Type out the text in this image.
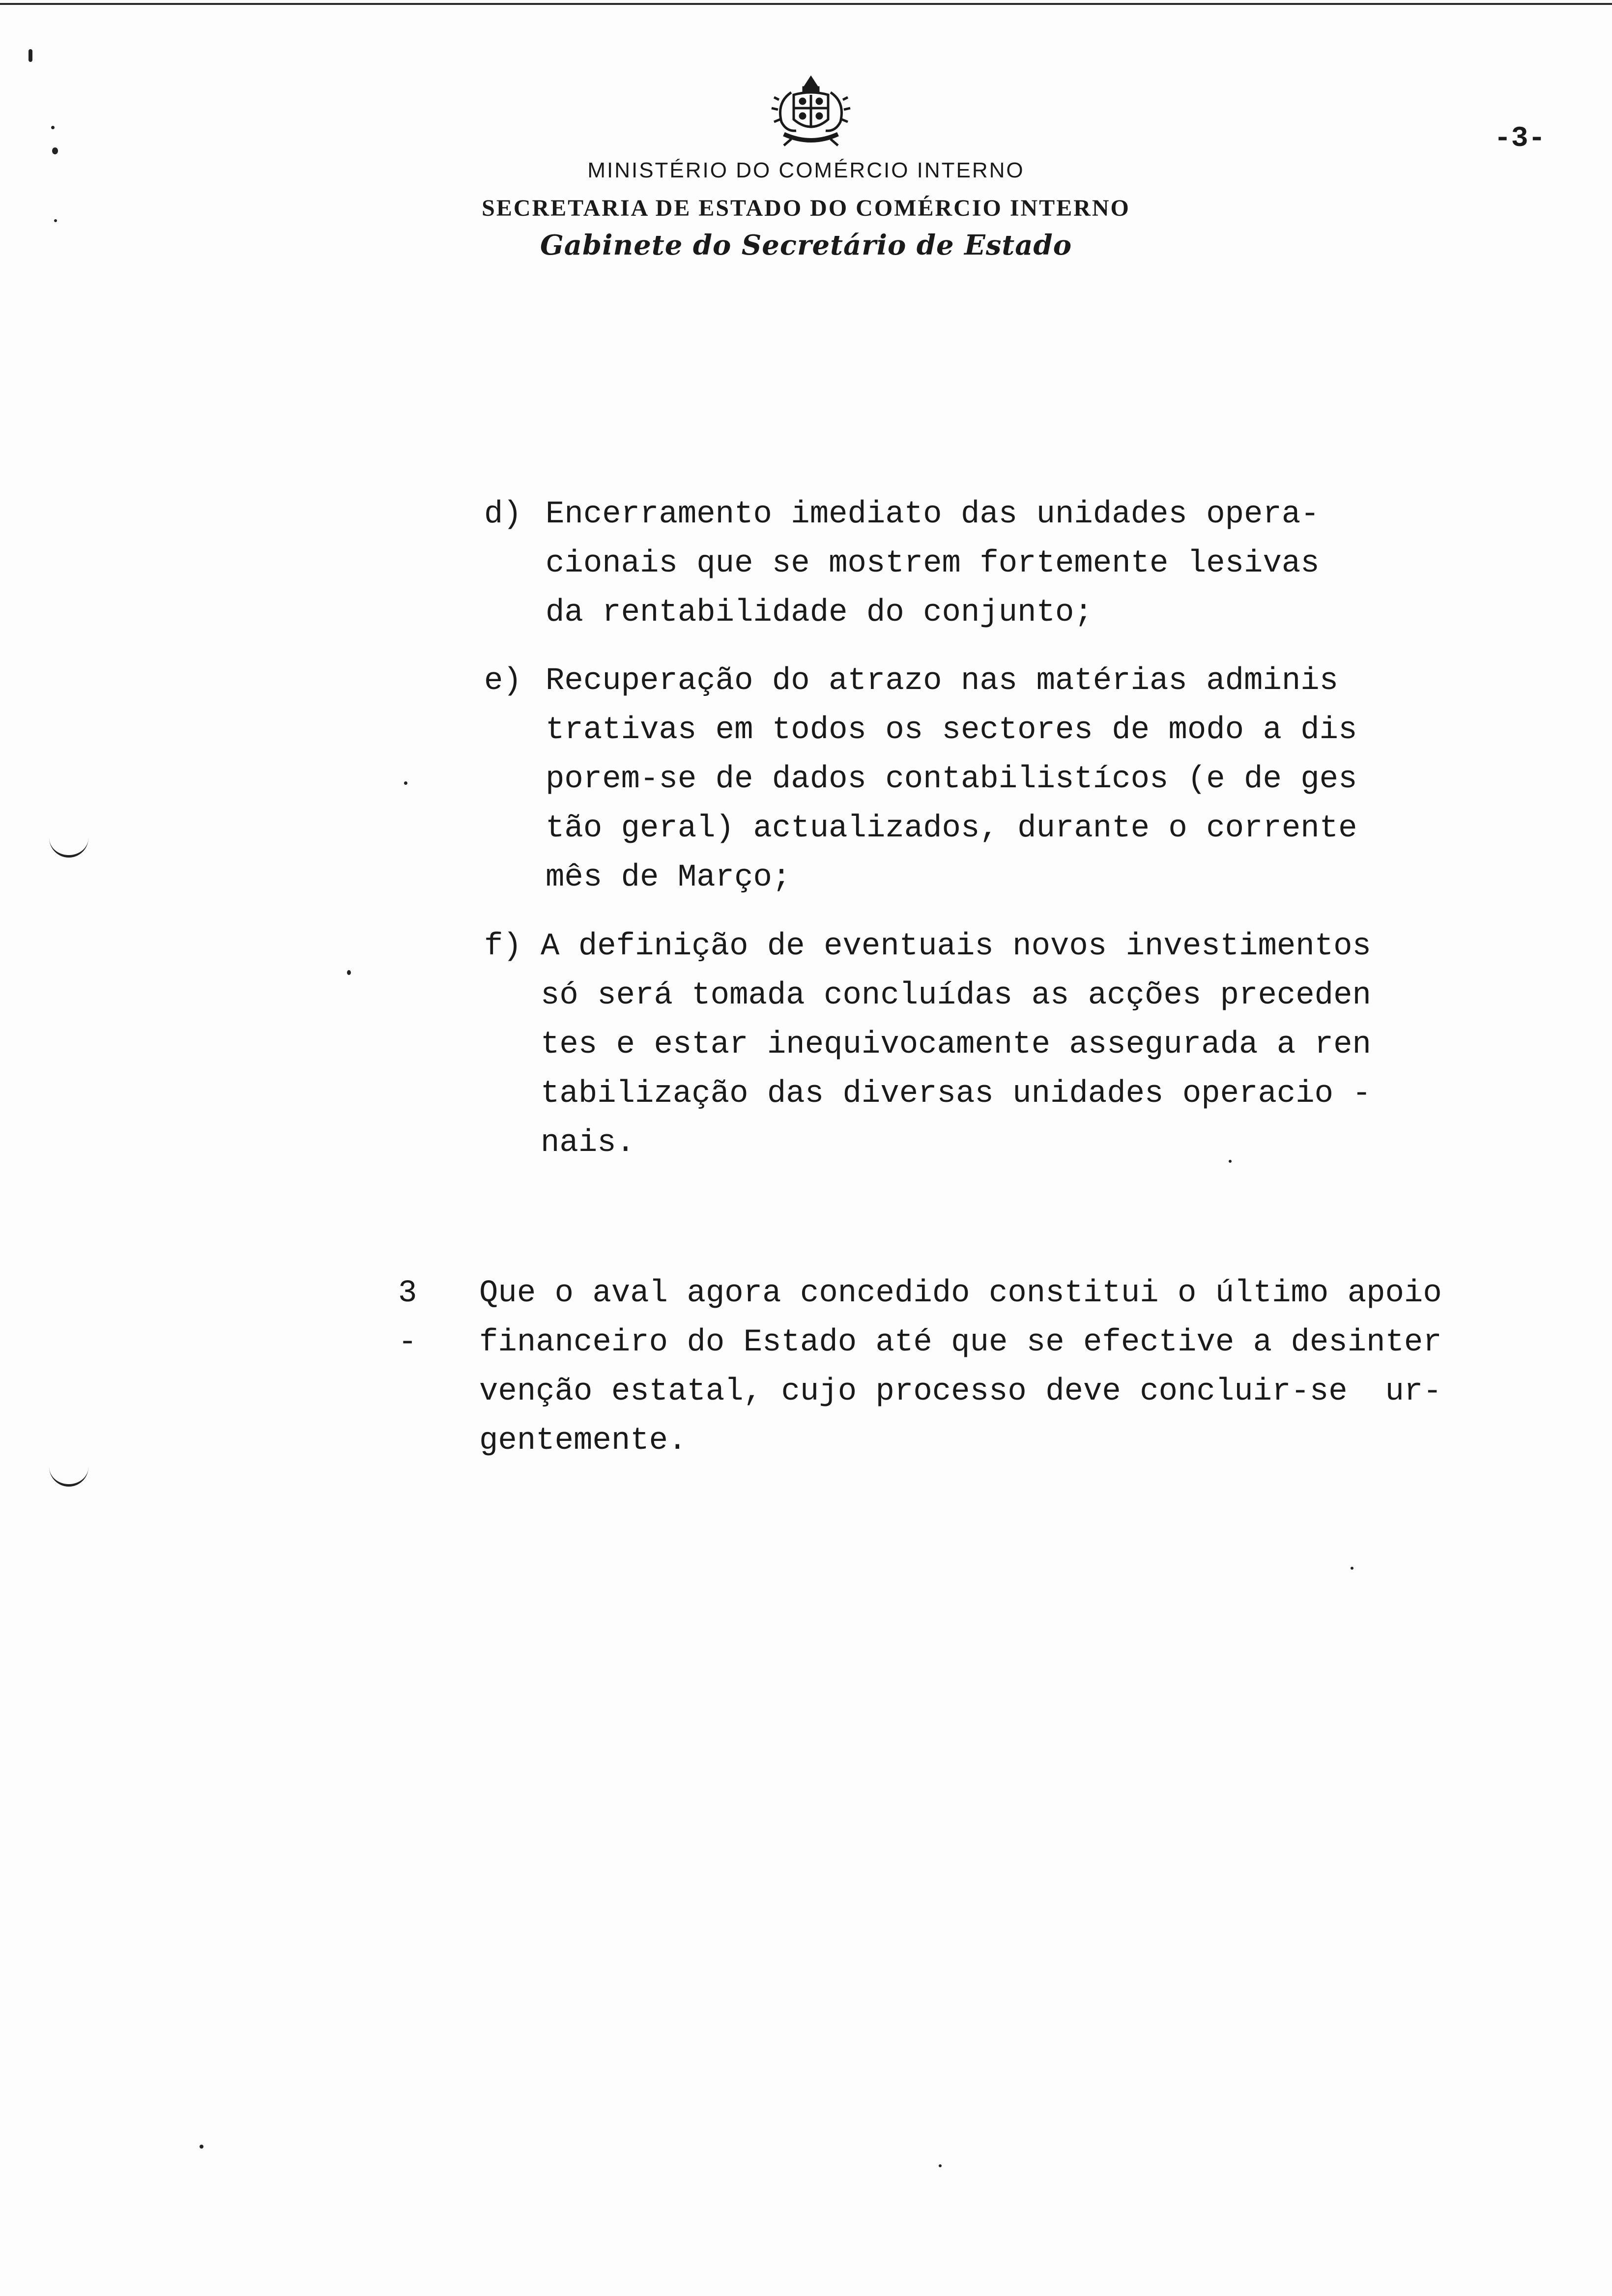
MINISTÉRIO DO COMÉRCIO INTERNO
SECRETARIA DE ESTADO DO COMÉRCIO INTERNO
Gabinete do Secretário de Estado
-3-
d) Encerramento imediato das unidades opera-
cionais que se mostrem fortemente lesivas
da rentabilidade do conjunto;
e) Recuperação do atrazo nas matérias adminis
trativas em todos os sectores de modo a dis
porem-se de dados contabilistícos (e de ges
tão geral) actualizados, durante o corrente
mês de Março;
f) A definição de eventuais novos investimentos
só será tomada concluídas as acções preceden
tes e estar inequivocamente assegurada a ren
tabilização das diversas unidades operacio -
nais.
3 -
Que o aval agora concedido constitui o último apoio
financeiro do Estado até que se efective a desinter
venção estatal, cujo processo deve concluir-se  ur-
gentemente.
